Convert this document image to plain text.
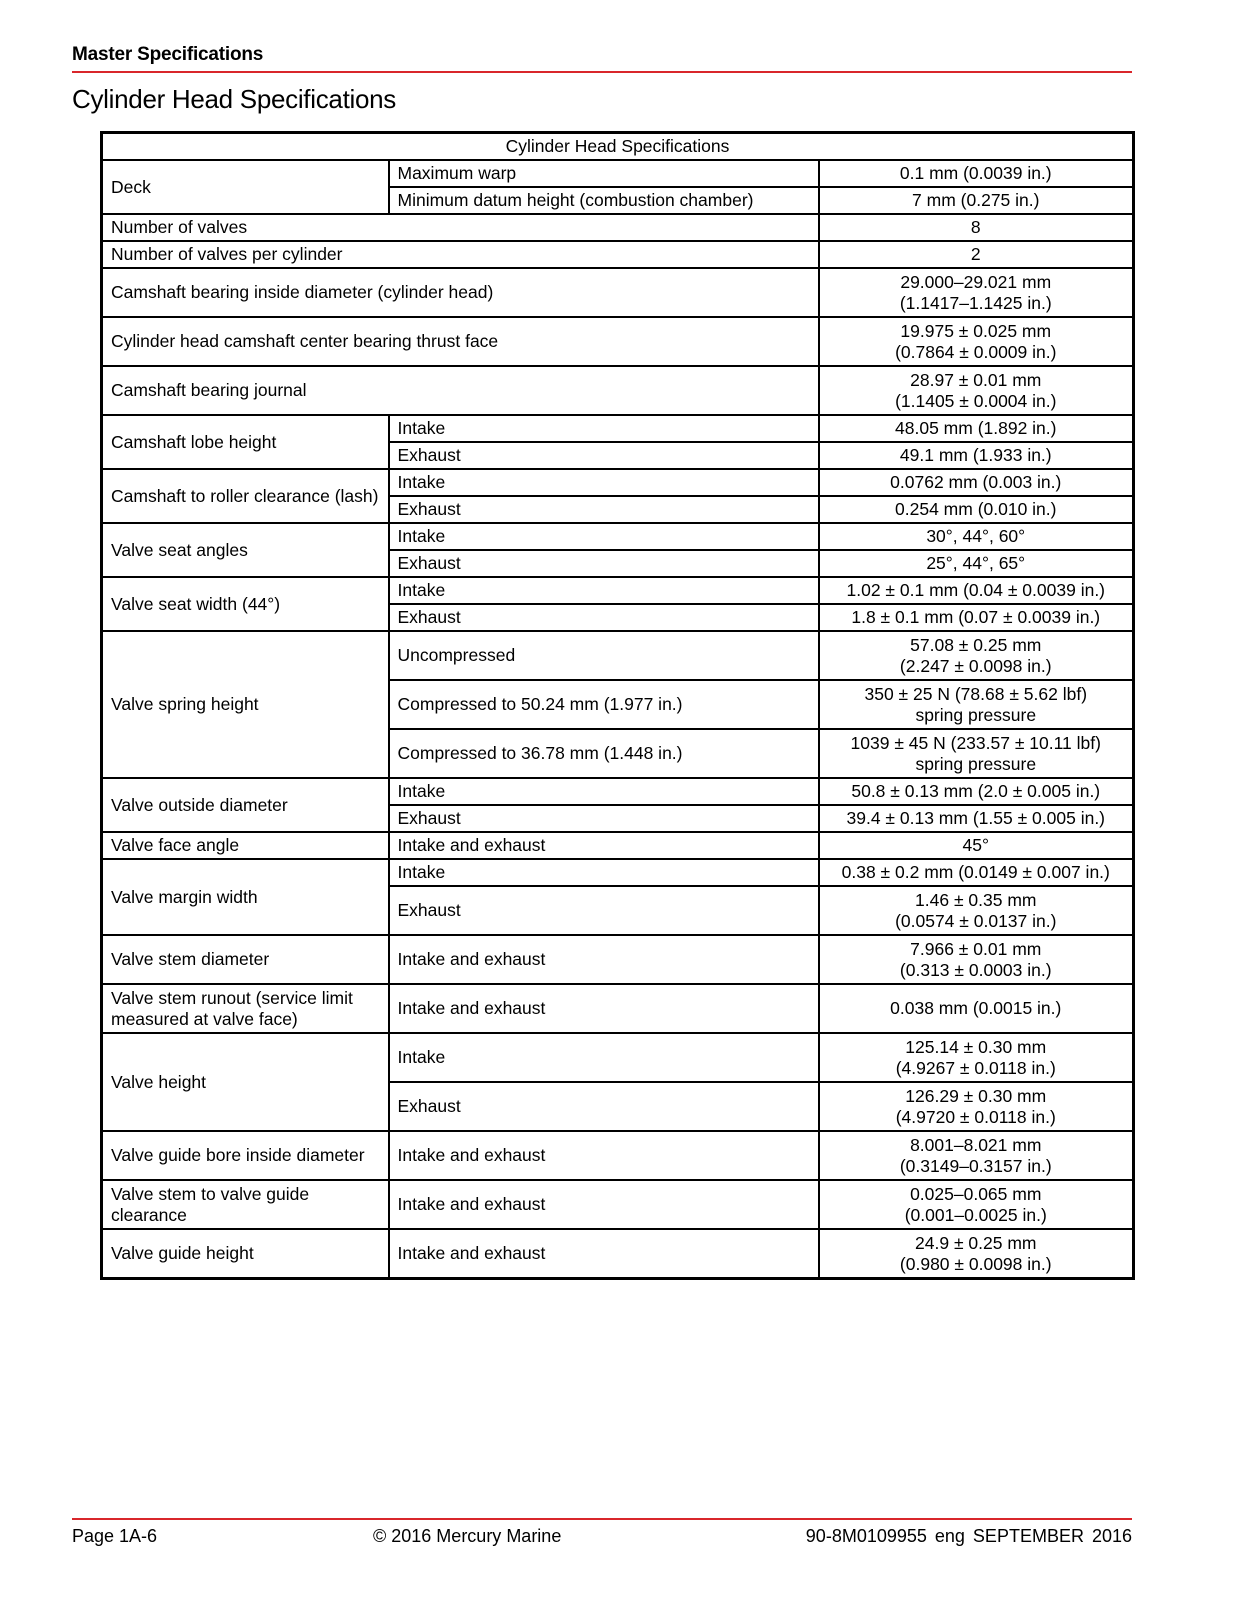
Master Specifications
Cylinder Head Specifications
Cylinder Head Specifications		
Deck	Maximum warp	0.1 mm (0.0039 in.)
	Minimum datum height (combustion chamber)	7 mm (0.275 in.)
Number of valves		8
Number of valves per cylinder		2
Camshaft bearing inside diameter (cylinder head)		29.000–29.021 mm
(1.1417–1.1425 in.)
Cylinder head camshaft center bearing thrust face		19.975 ± 0.025 mm
(0.7864 ± 0.0009 in.)
Camshaft bearing journal		28.97 ± 0.01 mm
(1.1405 ± 0.0004 in.)
Camshaft lobe height	Intake	48.05 mm (1.892 in.)
	Exhaust	49.1 mm (1.933 in.)
Camshaft to roller clearance (lash)	Intake	0.0762 mm (0.003 in.)
	Exhaust	0.254 mm (0.010 in.)
Valve seat angles	Intake	30°, 44°, 60°
	Exhaust	25°, 44°, 65°
Valve seat width (44°)	Intake	1.02 ± 0.1 mm (0.04 ± 0.0039 in.)
	Exhaust	1.8 ± 0.1 mm (0.07 ± 0.0039 in.)
Valve spring height	Uncompressed	57.08 ± 0.25 mm
(2.247 ± 0.0098 in.)
	Compressed to 50.24 mm (1.977 in.)	350 ± 25 N (78.68 ± 5.62 lbf)
spring pressure
	Compressed to 36.78 mm (1.448 in.)	1039 ± 45 N (233.57 ± 10.11 lbf)
spring pressure
Valve outside diameter	Intake	50.8 ± 0.13 mm (2.0 ± 0.005 in.)
	Exhaust	39.4 ± 0.13 mm (1.55 ± 0.005 in.)
Valve face angle	Intake and exhaust	45°
Valve margin width	Intake	0.38 ± 0.2 mm (0.0149 ± 0.007 in.)
	Exhaust	1.46 ± 0.35 mm
(0.0574 ± 0.0137 in.)
Valve stem diameter	Intake and exhaust	7.966 ± 0.01 mm
(0.313 ± 0.0003 in.)
Valve stem runout (service limit
measured at valve face)	Intake and exhaust	0.038 mm (0.0015 in.)
Valve height	Intake	125.14 ± 0.30 mm
(4.9267 ± 0.0118 in.)
	Exhaust	126.29 ± 0.30 mm
(4.9720 ± 0.0118 in.)
Valve guide bore inside diameter	Intake and exhaust	8.001–8.021 mm
(0.3149–0.3157 in.)
Valve stem to valve guide
clearance	Intake and exhaust	0.025–0.065 mm
(0.001–0.0025 in.)
Valve guide height	Intake and exhaust	24.9 ± 0.25 mm
(0.980 ± 0.0098 in.)
Page 1A-6	© 2016 Mercury Marine	90-8M0109955 eng SEPTEMBER 2016
